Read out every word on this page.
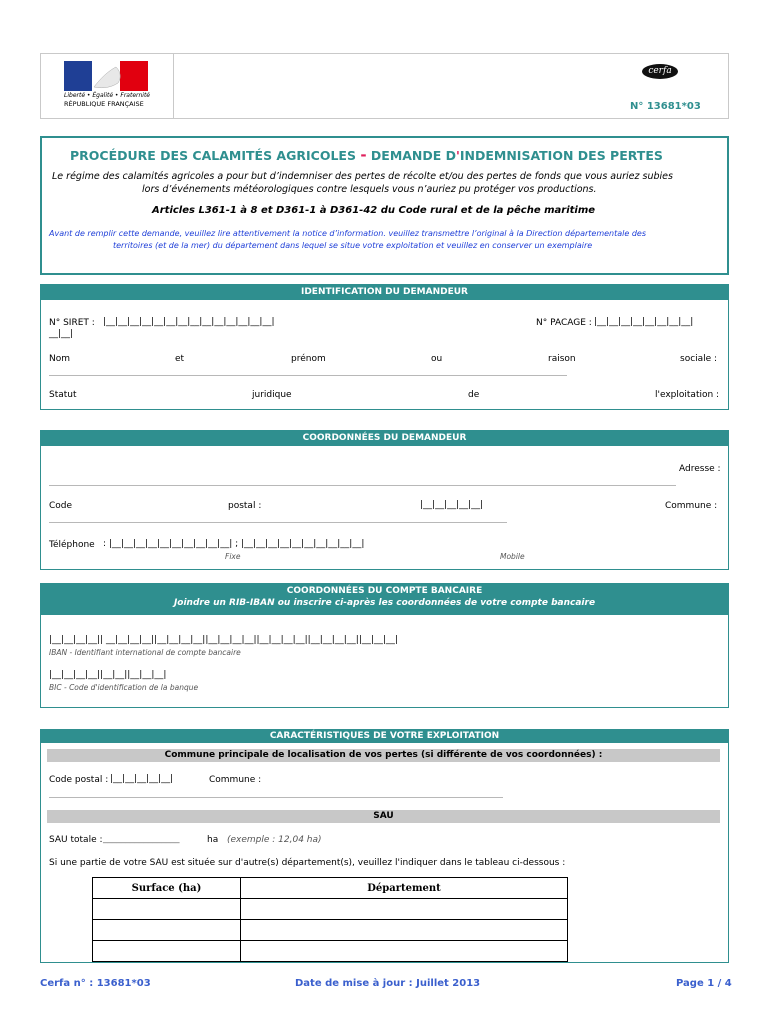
Liberté • Égalité • Fraternité
RÉPUBLIQUE FRANÇAISE
cerfa
N° 13681*03
PROCÉDURE DES CALAMITÉS AGRICOLES - DEMANDE D'INDEMNISATION DES PERTES
Le régime des calamités agricoles a pour but d’indemniser des pertes de récolte et/ou des pertes de fonds que vous auriez subies
lors d’événements météorologiques contre lesquels vous n’auriez pu protéger vos productions.
Articles L361-1 à 8 et D361-1 à D361-42 du Code rural et de la pêche maritime
Avant de remplir cette demande, veuillez lire attentivement la notice d’information. veuillez transmettre l’original à la Direction départementale des
territoires (et de la mer) du département dans lequel se situe votre exploitation et veuillez en conserver un exemplaire
IDENTIFICATION DU DEMANDEUR
N° SIRET : |__|__|__|__|__|__|__|__|__|__|__|__|__|__|
__|__|
N° PACAGE : |__|__|__|__|__|__|__|__|
Nom	et	prénom	ou	raison	sociale :
Statut	juridique	de	l'exploitation :
COORDONNÉES DU DEMANDEUR
Adresse :
Code	postal :	|__|__|__|__|__|	Commune :
Téléphone : |__|__|__|__|__|__|__|__|__|__| ; |__|__|__|__|__|__|__|__|__|__|
Fixe	Mobile
COORDONNÉES DU COMPTE BANCAIRE
Joindre un RIB-IBAN ou inscrire ci-après les coordonnées de votre compte bancaire
|__|__|__|__|| __|__|__|__||__|__|__|__||__|__|__|__||__|__|__|__||__|__|__|__||__|__|__|
IBAN - Identifiant international de compte bancaire
|__|__|__|__||__|__||__|__|__|
BIC - Code d'identification de la banque
CARACTÉRISTIQUES DE VOTRE EXPLOITATION
Commune principale de localisation de vos pertes (si différente de vos coordonnées) :
Code postal : |__|__|__|__|__|	Commune :
SAU
SAU totale : _________________	ha (exemple : 12,04 ha)
Si une partie de votre SAU est située sur d'autre(s) département(s), veuillez l'indiquer dans le tableau ci-dessous :
Surface (ha)	Département

Cerfa n° : 13681*03	Date de mise à jour : Juillet 2013	Page 1 / 4
